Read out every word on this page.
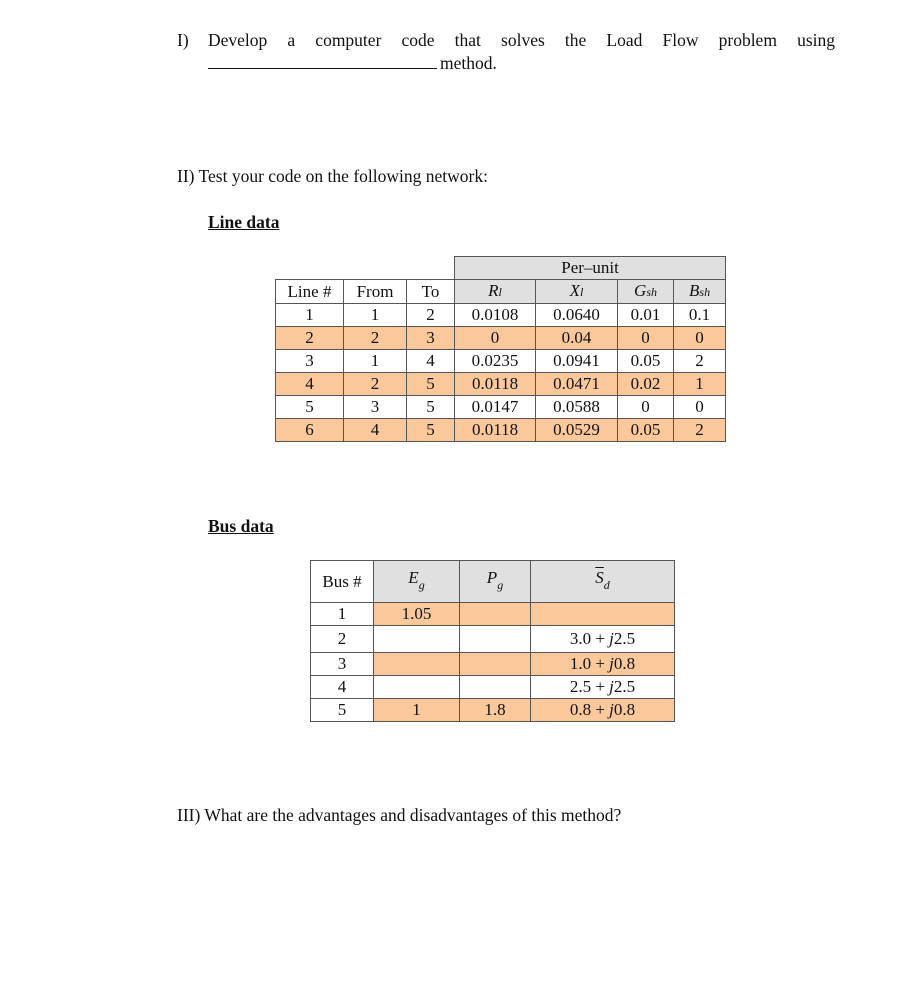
I) Develop a computer code that solves the Load Flow problem using
method.
II) Test your code on the following network:
Line data
			Per–unit			
Line #	From	To	Rl	Xl	Gsh	Bsh
1	1	2	0.0108	0.0640	0.01	0.1
2	2	3	0	0.04	0	0
3	1	4	0.0235	0.0941	0.05	2
4	2	5	0.0118	0.0471	0.02	1
5	3	5	0.0147	0.0588	0	0
6	4	5	0.0118	0.0529	0.05	2
Bus data
Bus #	$E_g$	$P_g$	$\overline{S}_d$
1	1.05		
2			3.0 + j2.5
3			1.0 + j0.8
4			2.5 + j2.5
5	1	1.8	0.8 + j0.8
III) What are the advantages and disadvantages of this method?
